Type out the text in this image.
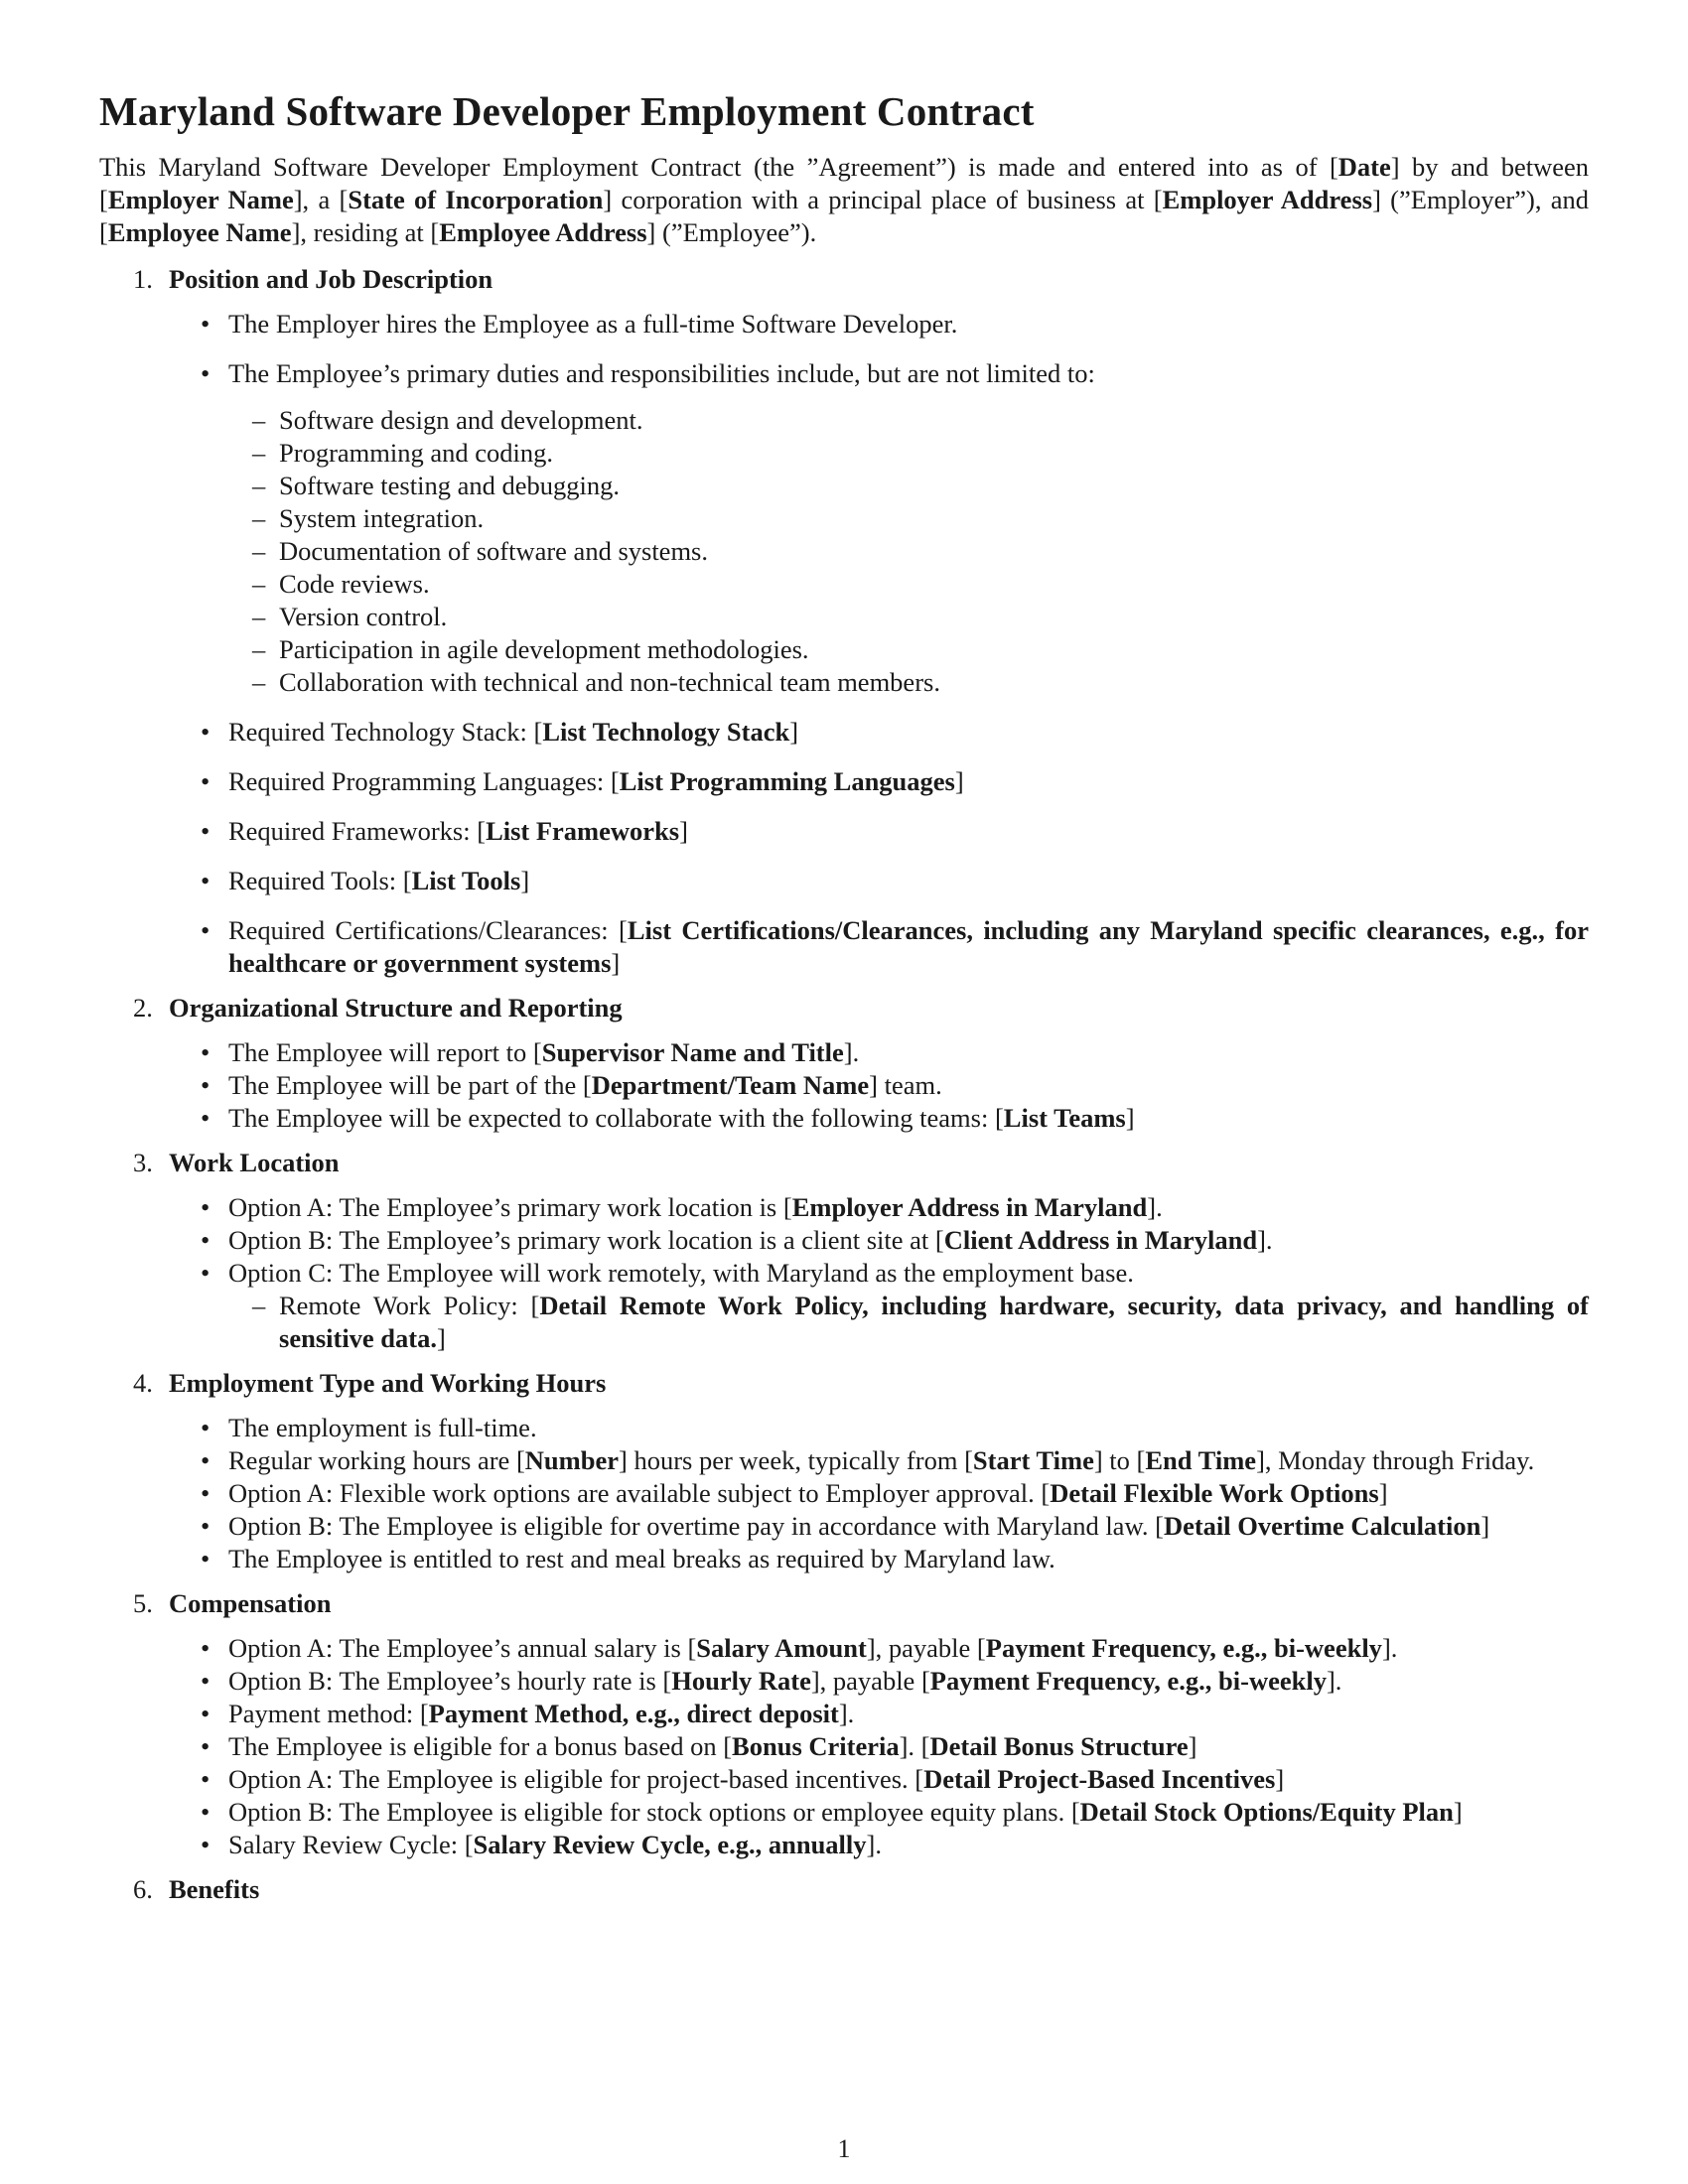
Maryland Software Developer Employment Contract

This Maryland Software Developer Employment Contract (the ”Agreement”) is made and entered into as of [Date] by and between [Employer Name], a [State of Incorporation] corporation with a principal place of business at [Employer Address] (”Employer”), and [Employee Name], residing at [Employee Address] (”Employee”).

1. Position and Job Description
• The Employer hires the Employee as a full-time Software Developer.
• The Employee’s primary duties and responsibilities include, but are not limited to:
– Software design and development.
– Programming and coding.
– Software testing and debugging.
– System integration.
– Documentation of software and systems.
– Code reviews.
– Version control.
– Participation in agile development methodologies.
– Collaboration with technical and non-technical team members.
• Required Technology Stack: [List Technology Stack]
• Required Programming Languages: [List Programming Languages]
• Required Frameworks: [List Frameworks]
• Required Tools: [List Tools]
• Required Certifications/Clearances: [List Certifications/Clearances, including any Maryland specific clearances, e.g., for healthcare or government systems]
2. Organizational Structure and Reporting
• The Employee will report to [Supervisor Name and Title].
• The Employee will be part of the [Department/Team Name] team.
• The Employee will be expected to collaborate with the following teams: [List Teams]
3. Work Location
• Option A: The Employee’s primary work location is [Employer Address in Maryland].
• Option B: The Employee’s primary work location is a client site at [Client Address in Maryland].
• Option C: The Employee will work remotely, with Maryland as the employment base.
– Remote Work Policy: [Detail Remote Work Policy, including hardware, security, data privacy, and handling of sensitive data.]
4. Employment Type and Working Hours
• The employment is full-time.
• Regular working hours are [Number] hours per week, typically from [Start Time] to [End Time], Monday through Friday.
• Option A: Flexible work options are available subject to Employer approval. [Detail Flexible Work Options]
• Option B: The Employee is eligible for overtime pay in accordance with Maryland law. [Detail Overtime Calculation]
• The Employee is entitled to rest and meal breaks as required by Maryland law.
5. Compensation
• Option A: The Employee’s annual salary is [Salary Amount], payable [Payment Frequency, e.g., bi-weekly].
• Option B: The Employee’s hourly rate is [Hourly Rate], payable [Payment Frequency, e.g., bi-weekly].
• Payment method: [Payment Method, e.g., direct deposit].
• The Employee is eligible for a bonus based on [Bonus Criteria]. [Detail Bonus Structure]
• Option A: The Employee is eligible for project-based incentives. [Detail Project-Based Incentives]
• Option B: The Employee is eligible for stock options or employee equity plans. [Detail Stock Options/Equity Plan]
• Salary Review Cycle: [Salary Review Cycle, e.g., annually].
6. Benefits
1
